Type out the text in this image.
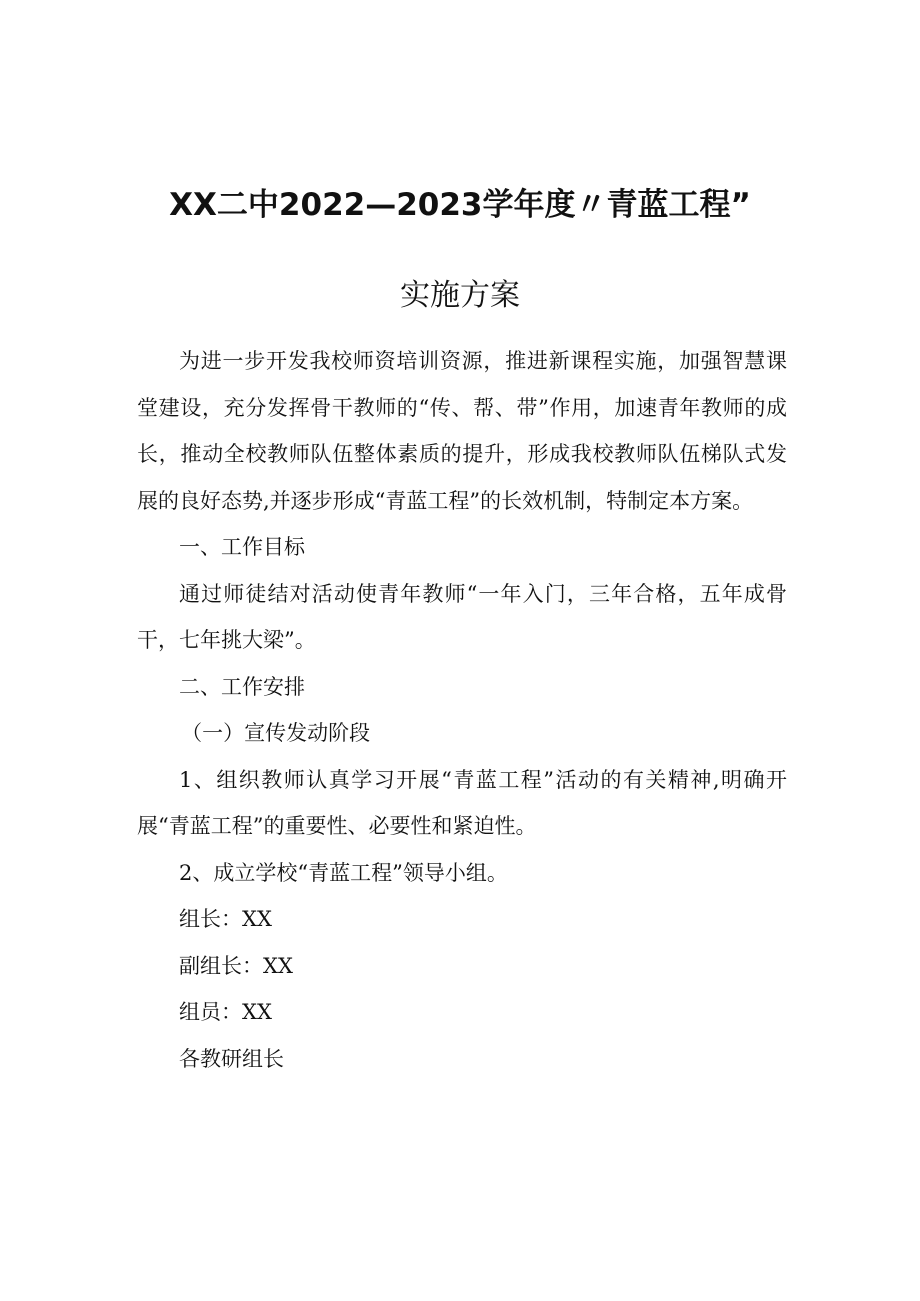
XX二中2022—2023学年度〃青蓝工程”
实施方案

为进一步开发我校师资培训资源，推进新课程实施，加强智慧课堂建设，充分发挥骨干教师的“传、帮、带”作用，加速青年教师的成长，推动全校教师队伍整体素质的提升，形成我校教师队伍梯队式发展的良好态势,并逐步形成“青蓝工程”的长效机制，特制定本方案。

一、工作目标

通过师徒结对活动使青年教师“一年入门，三年合格，五年成骨干，七年挑大梁”。

二、工作安排

（一）宣传发动阶段

1、组织教师认真学习开展“青蓝工程”活动的有关精神,明确开展“青蓝工程”的重要性、必要性和紧迫性。

2、成立学校“青蓝工程”领导小组。

组长：XX

副组长：XX

组员：XX

各教研组长
